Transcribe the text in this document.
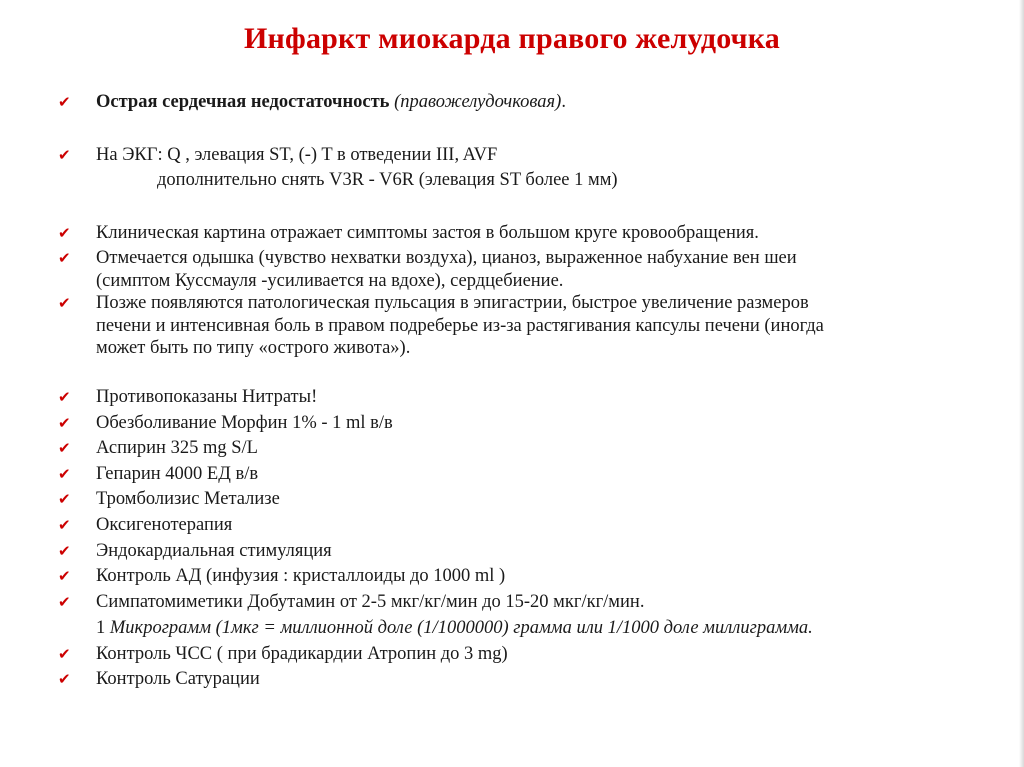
Инфаркт миокарда правого желудочка
✔ Острая сердечная недостаточность (правожелудочковая).
✔ На ЭКГ: Q , элевация ST, (-) T в отведении III, AVF
дополнительно снять V3R - V6R (элевация ST более 1 мм)
✔ Клиническая картина отражает симптомы застоя в большом круге кровообращения.
✔ Отмечается одышка (чувство нехватки воздуха), цианоз, выраженное набухание вен шеи
(симптом Куссмауля -усиливается на вдохе), сердцебиение.
✔ Позже появляются патологическая пульсация в эпигастрии, быстрое увеличение размеров
печени и интенсивная боль в правом подреберье из-за растягивания капсулы печени (иногда
может быть по типу «острого живота»).
✔ Противопоказаны Нитраты!
✔ Обезболивание Морфин 1% - 1 ml в/в
✔ Аспирин 325 mg S/L
✔ Гепарин 4000 ЕД в/в
✔ Тромболизис Метализе
✔ Оксигенотерапия
✔ Эндокардиальная стимуляция
✔ Контроль АД (инфузия : кристаллоиды до 1000 ml )
✔ Симпатомиметики Добутамин от 2-5 мкг/кг/мин до 15-20 мкг/кг/мин.
1 Микрограмм (1мкг = миллионной доле (1/1000000) грамма или 1/1000 доле миллиграмма.
✔ Контроль ЧСС ( при брадикардии Атропин до 3 mg)
✔ Контроль Сатурации
